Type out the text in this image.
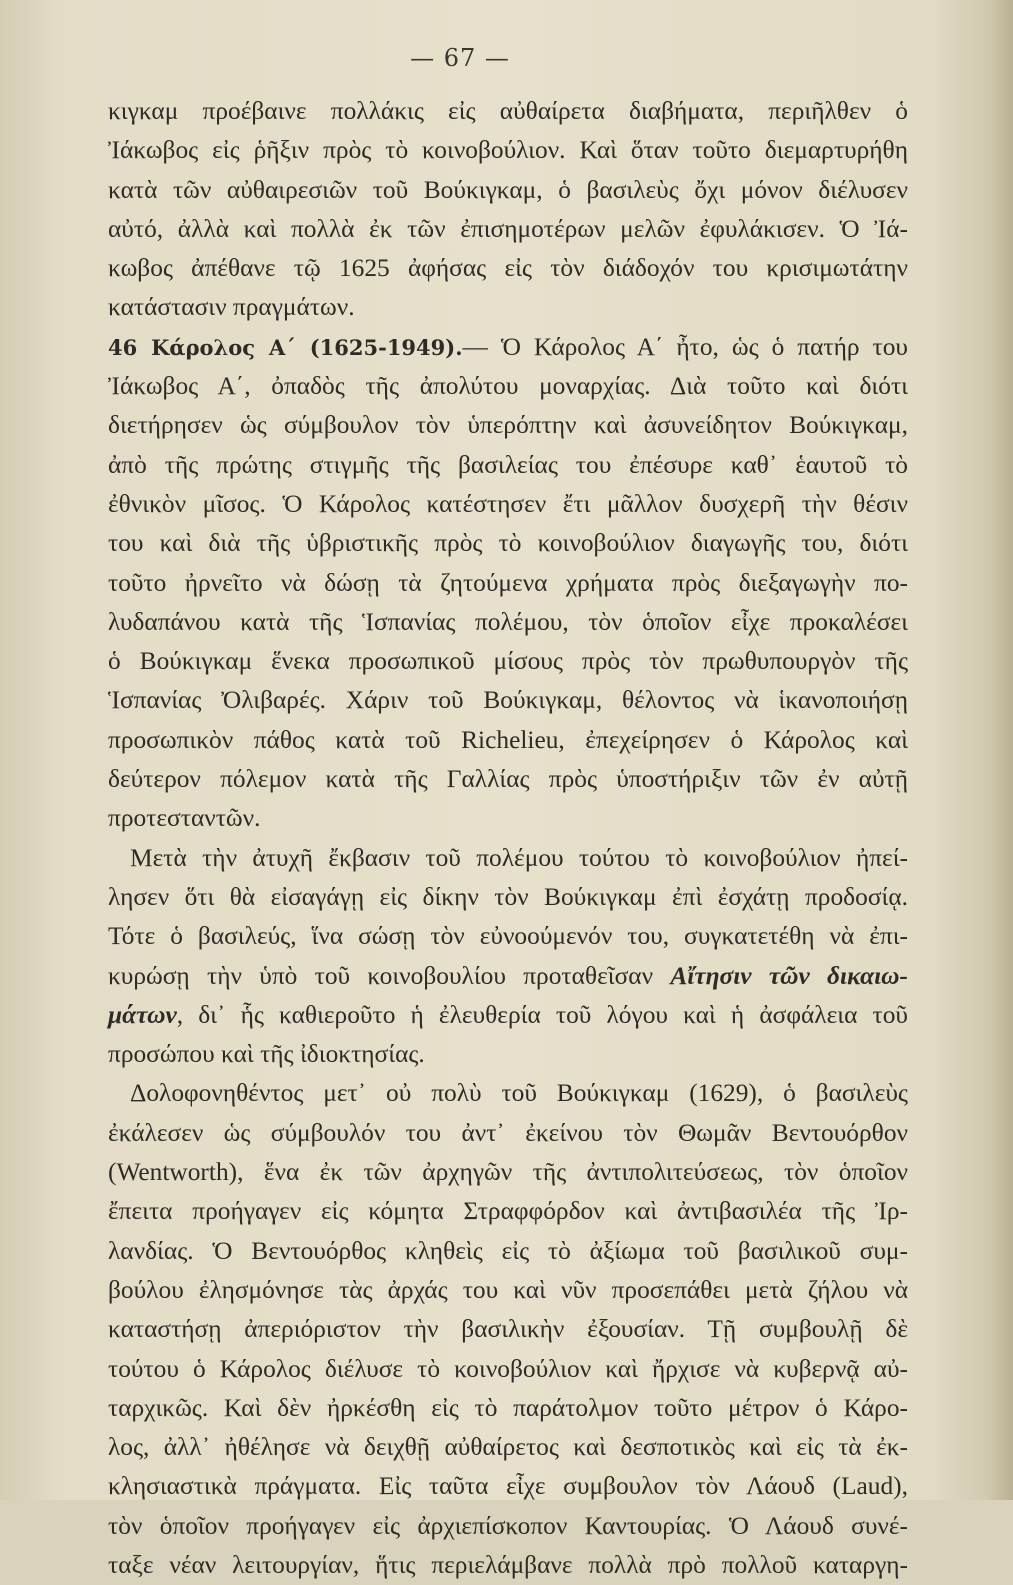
— 67 —
κιγκαμ προέβαινε πολλάκις εἰς αὐθαίρετα διαβήματα, περιῆλθεν ὁ
Ἰάκωβος εἰς ῥῆξιν πρὸς τὸ κοινοβούλιον. Καὶ ὅταν τοῦτο διεμαρτυρήθη
κατὰ τῶν αὐθαιρεσιῶν τοῦ Βούκιγκαμ, ὁ βασιλεὺς ὄχι μόνον διέλυσεν
αὐτό, ἀλλὰ καὶ πολλὰ ἐκ τῶν ἐπισημοτέρων μελῶν ἐφυλάκισεν. Ὁ Ἰά-
κωβος ἀπέθανε τῷ 1625 ἀφήσας εἰς τὸν διάδοχόν του κρισιμωτάτην
κατάστασιν πραγμάτων.
46 Κάρολος Α΄ (1625-1949).— Ὁ Κάρολος Α΄ ἦτο, ὡς ὁ πατήρ του
Ἰάκωβος Α΄, ὀπαδὸς τῆς ἀπολύτου μοναρχίας. Διὰ τοῦτο καὶ διότι
διετήρησεν ὡς σύμβουλον τὸν ὑπερόπτην καὶ ἀσυνείδητον Βούκιγκαμ,
ἀπὸ τῆς πρώτης στιγμῆς τῆς βασιλείας του ἐπέσυρε καθ᾽ ἑαυτοῦ τὸ
ἐθνικὸν μῖσος. Ὁ Κάρολος κατέστησεν ἔτι μᾶλλον δυσχερῆ τὴν θέσιν
του καὶ διὰ τῆς ὑβριστικῆς πρὸς τὸ κοινοβούλιον διαγωγῆς του, διότι
τοῦτο ἠρνεῖτο νὰ δώσῃ τὰ ζητούμενα χρήματα πρὸς διεξαγωγὴν πο-
λυδαπάνου κατὰ τῆς Ἱσπανίας πολέμου, τὸν ὁποῖον εἶχε προκαλέσει
ὁ Βούκιγκαμ ἕνεκα προσωπικοῦ μίσους πρὸς τὸν πρωθυπουργὸν τῆς
Ἱσπανίας Ὀλιβαρές. Χάριν τοῦ Βούκιγκαμ, θέλοντος νὰ ἱκανοποιήσῃ
προσωπικὸν πάθος κατὰ τοῦ Richelieu, ἐπεχείρησεν ὁ Κάρολος καὶ
δεύτερον πόλεμον κατὰ τῆς Γαλλίας πρὸς ὑποστήριξιν τῶν ἐν αὐτῇ
προτεσταντῶν.
Μετὰ τὴν ἀτυχῆ ἔκβασιν τοῦ πολέμου τούτου τὸ κοινοβούλιον ἠπεί-
λησεν ὅτι θὰ εἰσαγάγῃ εἰς δίκην τὸν Βούκιγκαμ ἐπὶ ἐσχάτῃ προδοσίᾳ.
Τότε ὁ βασιλεύς, ἵνα σώσῃ τὸν εὐνοούμενόν του, συγκατετέθη νὰ ἐπι-
κυρώσῃ τὴν ὑπὸ τοῦ κοινοβουλίου προταθεῖσαν Αἴτησιν τῶν δικαιω-
μάτων, δι᾽ ἧς καθιεροῦτο ἡ ἐλευθερία τοῦ λόγου καὶ ἡ ἀσφάλεια τοῦ
προσώπου καὶ τῆς ἰδιοκτησίας.
Δολοφονηθέντος μετ᾽ οὐ πολὺ τοῦ Βούκιγκαμ (1629), ὁ βασιλεὺς
ἐκάλεσεν ὡς σύμβουλόν του ἀντ᾽ ἐκείνου τὸν Θωμᾶν Βεντουόρθον
(Wentworth), ἕνα ἐκ τῶν ἀρχηγῶν τῆς ἀντιπολιτεύσεως, τὸν ὁποῖον
ἔπειτα προήγαγεν εἰς κόμητα Στραφφόρδον καὶ ἀντιβασιλέα τῆς Ἰρ-
λανδίας. Ὁ Βεντουόρθος κληθεὶς εἰς τὸ ἀξίωμα τοῦ βασιλικοῦ συμ-
βούλου ἐλησμόνησε τὰς ἀρχάς του καὶ νῦν προσεπάθει μετὰ ζήλου νὰ
καταστήσῃ ἀπεριόριστον τὴν βασιλικὴν ἐξουσίαν. Τῇ συμβουλῇ δὲ
τούτου ὁ Κάρολος διέλυσε τὸ κοινοβούλιον καὶ ἤρχισε νὰ κυβερνᾷ αὐ-
ταρχικῶς. Καὶ δὲν ἠρκέσθη εἰς τὸ παράτολμον τοῦτο μέτρον ὁ Κάρο-
λος, ἀλλ᾽ ἠθέλησε νὰ δειχθῇ αὐθαίρετος καὶ δεσποτικὸς καὶ εἰς τὰ ἐκ-
κλησιαστικὰ πράγματα. Εἰς ταῦτα εἶχε συμβουλον τὸν Λάουδ (Laud),
τὸν ὁποῖον προήγαγεν εἰς ἀρχιεπίσκοπον Καντουρίας. Ὁ Λάουδ συνέ-
ταξε νέαν λειτουργίαν, ἥτις περιελάμβανε πολλὰ πρὸ πολλοῦ καταργη-
